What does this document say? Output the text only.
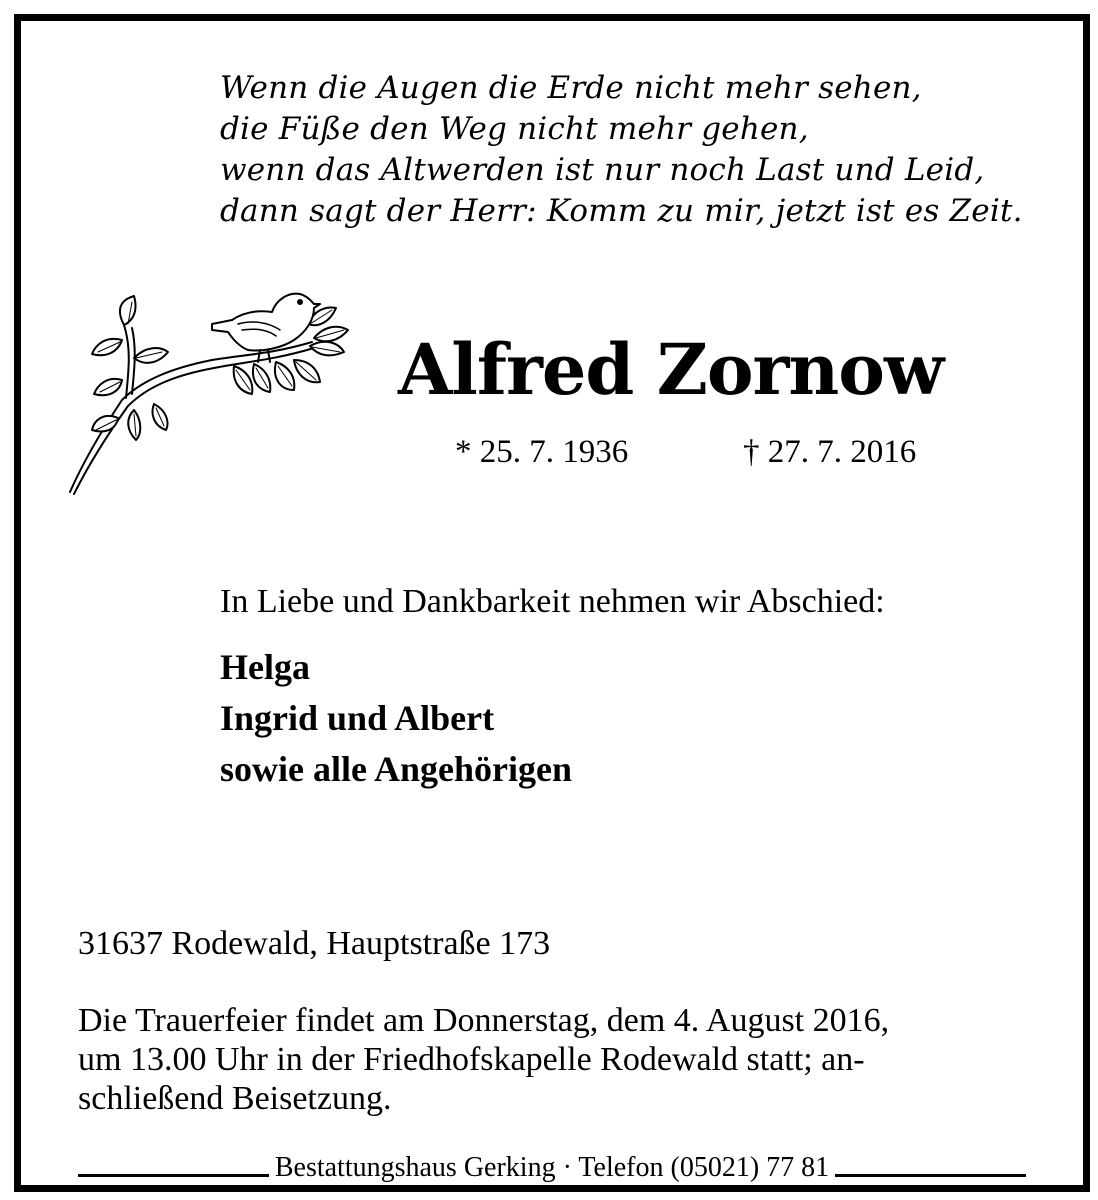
Wenn die Augen die Erde nicht mehr sehen,
die Füße den Weg nicht mehr gehen,
wenn das Altwerden ist nur noch Last und Leid,
dann sagt der Herr: Komm zu mir, jetzt ist es Zeit.
Alfred Zornow
* 25. 7. 1936	† 27. 7. 2016
In Liebe und Dankbarkeit nehmen wir Abschied:
Helga
Ingrid und Albert
sowie alle Angehörigen
31637 Rodewald, Hauptstraße 173
Die Trauerfeier findet am Donnerstag, dem 4. August 2016,
um 13.00 Uhr in der Friedhofskapelle Rodewald statt; an-
schließend Beisetzung.
Bestattungshaus Gerking · Telefon (05021) 77 81
